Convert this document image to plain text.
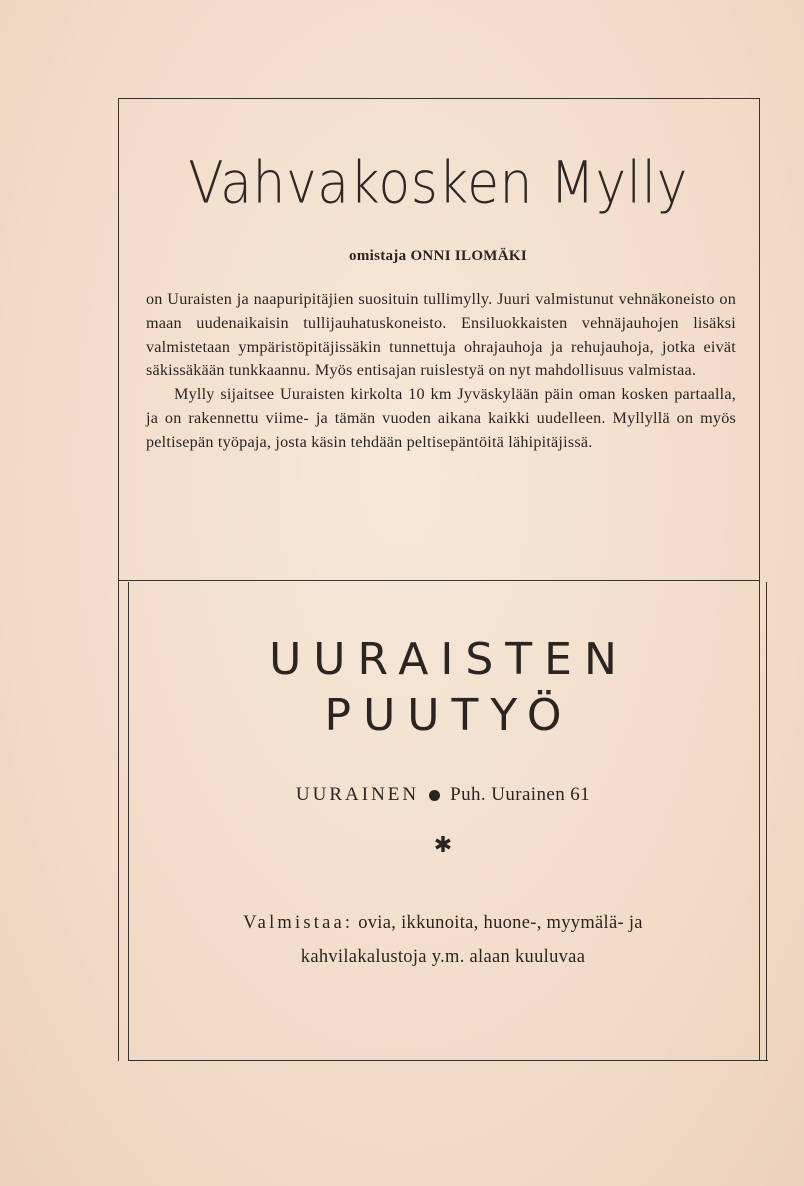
Vahvakosken Mylly
omistaja ONNI ILOMÄKI

on Uuraisten ja naapuripitäjien suosituin tullimylly. Juuri valmistunut vehnäkoneisto on maan uudenaikaisin tullijauhatuskoneisto. Ensiluokkaisten vehnäjauhojen lisäksi valmistetaan ympäristöpitäjissäkin tunnettuja ohrajauhoja ja rehujauhoja, jotka eivät säkissäkään tunkkaannu. Myös entisajan ruislestyä on nyt mahdollisuus valmistaa.

Mylly sijaitsee Uuraisten kirkolta 10 km Jyväskylään päin oman kosken partaalla, ja on rakennettu viime- ja tämän vuoden aikana kaikki uudelleen. Myllyllä on myös peltisepän työpaja, josta käsin tehdään peltisepäntöitä lähipitäjissä.

UURAISTEN
PUUTYÖ
UURAINEN Puh. Uurainen 61
✱
Valmistaa: ovia, ikkunoita, huone-, myymälä- ja
kahvilakalustoja y.m. alaan kuuluvaa
